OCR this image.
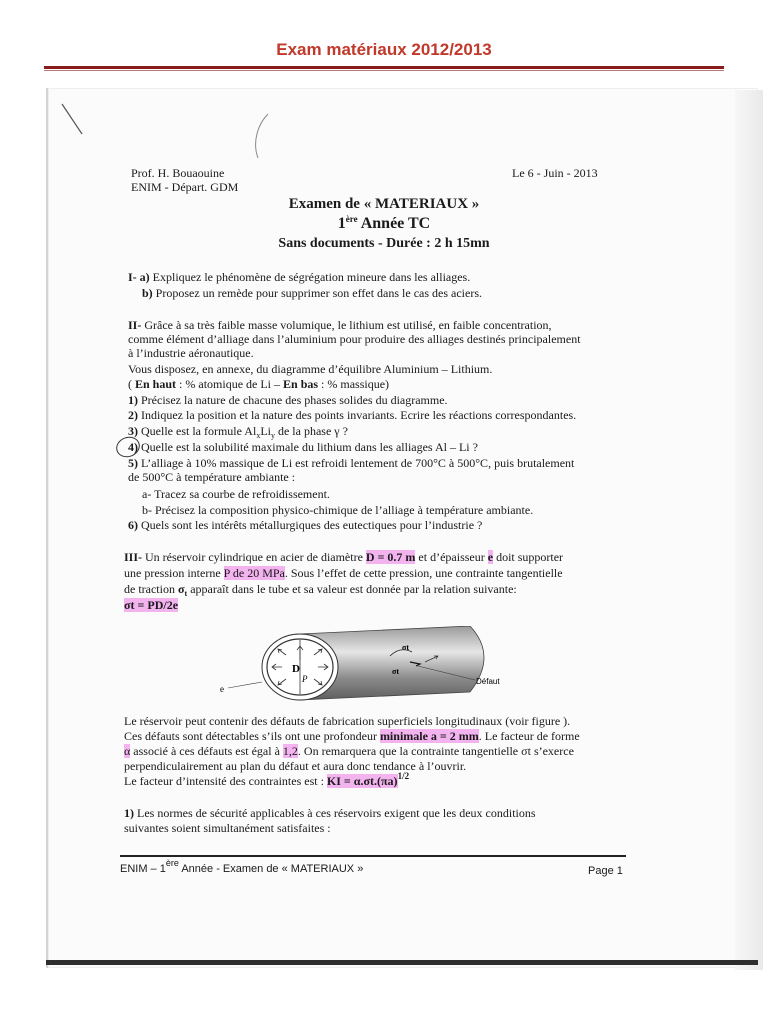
Exam matériaux 2012/2013
Prof. H. Bouaouine
ENIM - Départ. GDM
Le 6 - Juin - 2013
Examen de « MATERIAUX »
1ère Année TC
Sans documents - Durée : 2 h 15mn
I- a) Expliquez le phénomène de ségrégation mineure dans les alliages.
b) Proposez un remède pour supprimer son effet dans le cas des aciers.
II- Grâce à sa très faible masse volumique, le lithium est utilisé, en faible concentration,
comme élément d’alliage dans l’aluminium pour produire des alliages destinés principalement
à l’industrie aéronautique.
Vous disposez, en annexe, du diagramme d’équilibre Aluminium – Lithium.
( En haut : % atomique de Li – En bas : % massique)
1) Précisez la nature de chacune des phases solides du diagramme.
2) Indiquez la position et la nature des points invariants. Ecrire les réactions correspondantes.
3) Quelle est la formule $Al_xLi_y$ de la phase γ ?
4) Quelle est la solubilité maximale du lithium dans les alliages Al – Li ?
5) L’alliage à 10% massique de Li est refroidi lentement de 700°C à 500°C, puis brutalement
de 500°C à température ambiante :
a- Tracez sa courbe de refroidissement.
b- Précisez la composition physico-chimique de l’alliage à température ambiante.
6) Quels sont les intérêts métallurgiques des eutectiques pour l’industrie ?
III- Un réservoir cylindrique en acier de diamètre D = 0.7 m et d’épaisseur e doit supporter
une pression interne P de 20 MPa. Sous l’effet de cette pression, une contrainte tangentielle
de traction $\sigma_t$ apparaît dans le tube et sa valeur est donnée par la relation suivante:
σt = PD/2e
D
P
e
σt
σt
Défaut
Le réservoir peut contenir des défauts de fabrication superficiels longitudinaux (voir figure ).
Ces défauts sont détectables s’ils ont une profondeur minimale a = 2 mm. Le facteur de forme
α associé à ces défauts est égal à 1,2. On remarquera que la contrainte tangentielle σt s’exerce
perpendiculairement au plan du défaut et aura donc tendance à l’ouvrir.
Le facteur d’intensité des contraintes est : KI = $\alpha.\sigma t.(\pi a)^{1/2}$
1) Les normes de sécurité applicables à ces réservoirs exigent que les deux conditions
suivantes soient simultanément satisfaites :
ENIM – 1ère Année - Examen de « MATERIAUX »	Page 1
